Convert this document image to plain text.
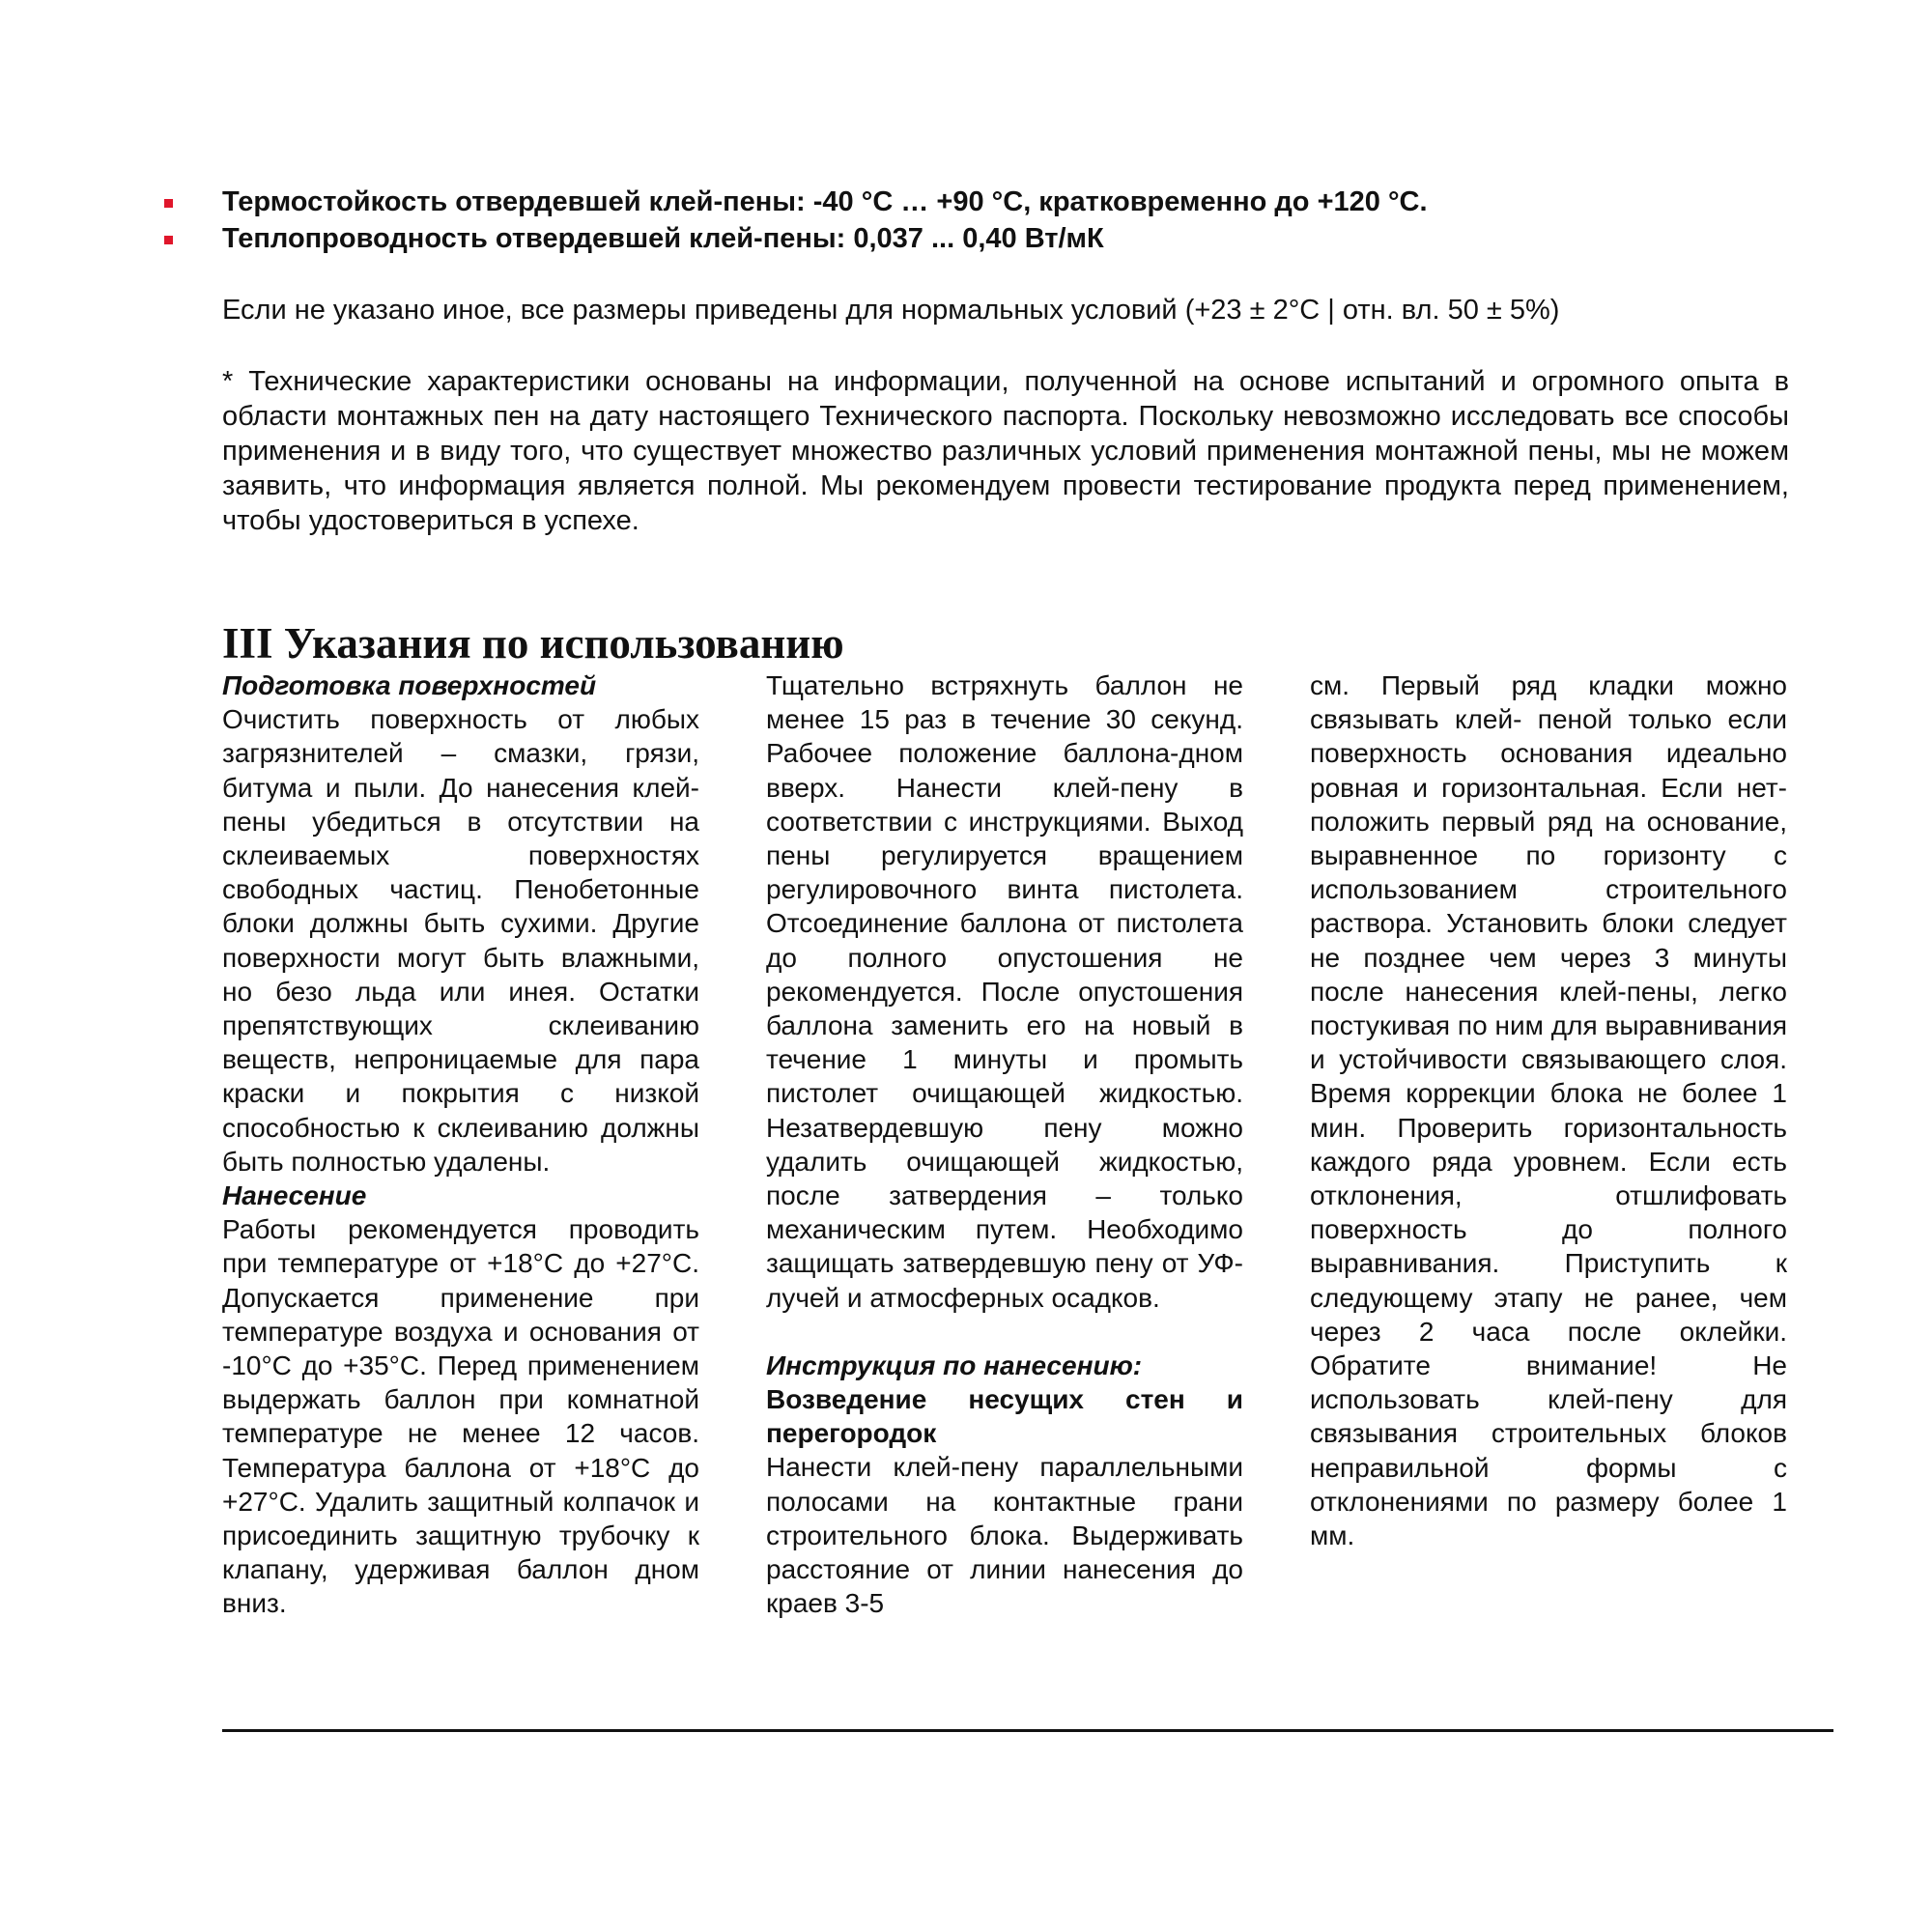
Термостойкость отвердевшей клей-пены: -40 °С … +90 °С, кратковременно до +120 °С.
Теплопроводность отвердевшей клей-пены: 0,037 ... 0,40 Вт/мК
Если не указано иное, все размеры приведены для нормальных условий (+23 ± 2°С | отн. вл. 50 ± 5%)

* Технические характеристики основаны на информации, полученной на основе испытаний и огромного опыта в области монтажных пен на дату настоящего Технического паспорта. Поскольку невозможно исследовать все способы применения и в виду того, что существует множество различных условий применения монтажной пены, мы не можем заявить, что информация является полной. Мы рекомендуем провести тестирование продукта перед применением, чтобы удостовериться в успехе.

III Указания по использованию

Подготовка поверхностей

Очистить поверхность от любых загрязнителей – смазки, грязи, битума и пыли. До нанесения клей-пены убедиться в отсутствии на склеиваемых поверхностях свободных частиц. Пенобетонные блоки должны быть сухими. Другие поверхности могут быть влажными, но безо льда или инея. Остатки препятствующих склеиванию веществ, непроницаемые для пара краски и покрытия с низкой способностью к склеиванию должны быть полностью удалены.

Нанесение

Работы рекомендуется проводить при температуре от +18°С до +27°С. Допускается применение при температуре воздуха и основания от -10°С до +35°С. Перед применением выдержать баллон при комнатной температуре не менее 12 часов. Температура баллона от +18°С до +27°С. Удалить защитный колпачок и присоединить защитную трубочку к клапану, удерживая баллон дном вниз.

Тщательно встряхнуть баллон не менее 15 раз в течение 30 секунд. Рабочее положение баллона-дном вверх. Нанести клей-пену в соответствии с инструкциями. Выход пены регулируется вращением регулировочного винта пистолета. Отсоединение баллона от пистолета до полного опустошения не рекомендуется. После опустошения баллона заменить его на новый в течение 1 минуты и промыть пистолет очищающей жидкостью. Незатвердевшую пену можно удалить очищающей жидкостью, после затвердения – только механическим путем. Необходимо защищать затвердевшую пену от УФ-лучей и атмосферных осадков.

Инструкция по нанесению:

Возведение несущих стен и перегородок

Нанести клей-пену параллельными полосами на контактные грани строительного блока. Выдерживать расстояние от линии нанесения до краев 3-5

см. Первый ряд кладки можно связывать клей- пеной только если поверхность основания идеально ровная и горизонтальная. Если нет- положить первый ряд на основание, выравненное по горизонту с использованием строительного раствора. Установить блоки следует не позднее чем через 3 минуты после нанесения клей-пены, легко постукивая по ним для выравнивания и устойчивости связывающего слоя. Время коррекции блока не более 1 мин. Проверить горизонтальность каждого ряда уровнем. Если есть отклонения, отшлифовать поверхность до полного выравнивания. Приступить к следующему этапу не ранее, чем через 2 часа после оклейки. Обратите внимание! Не использовать клей-пену для связывания строительных блоков неправильной формы с отклонениями по размеру более 1 мм.
